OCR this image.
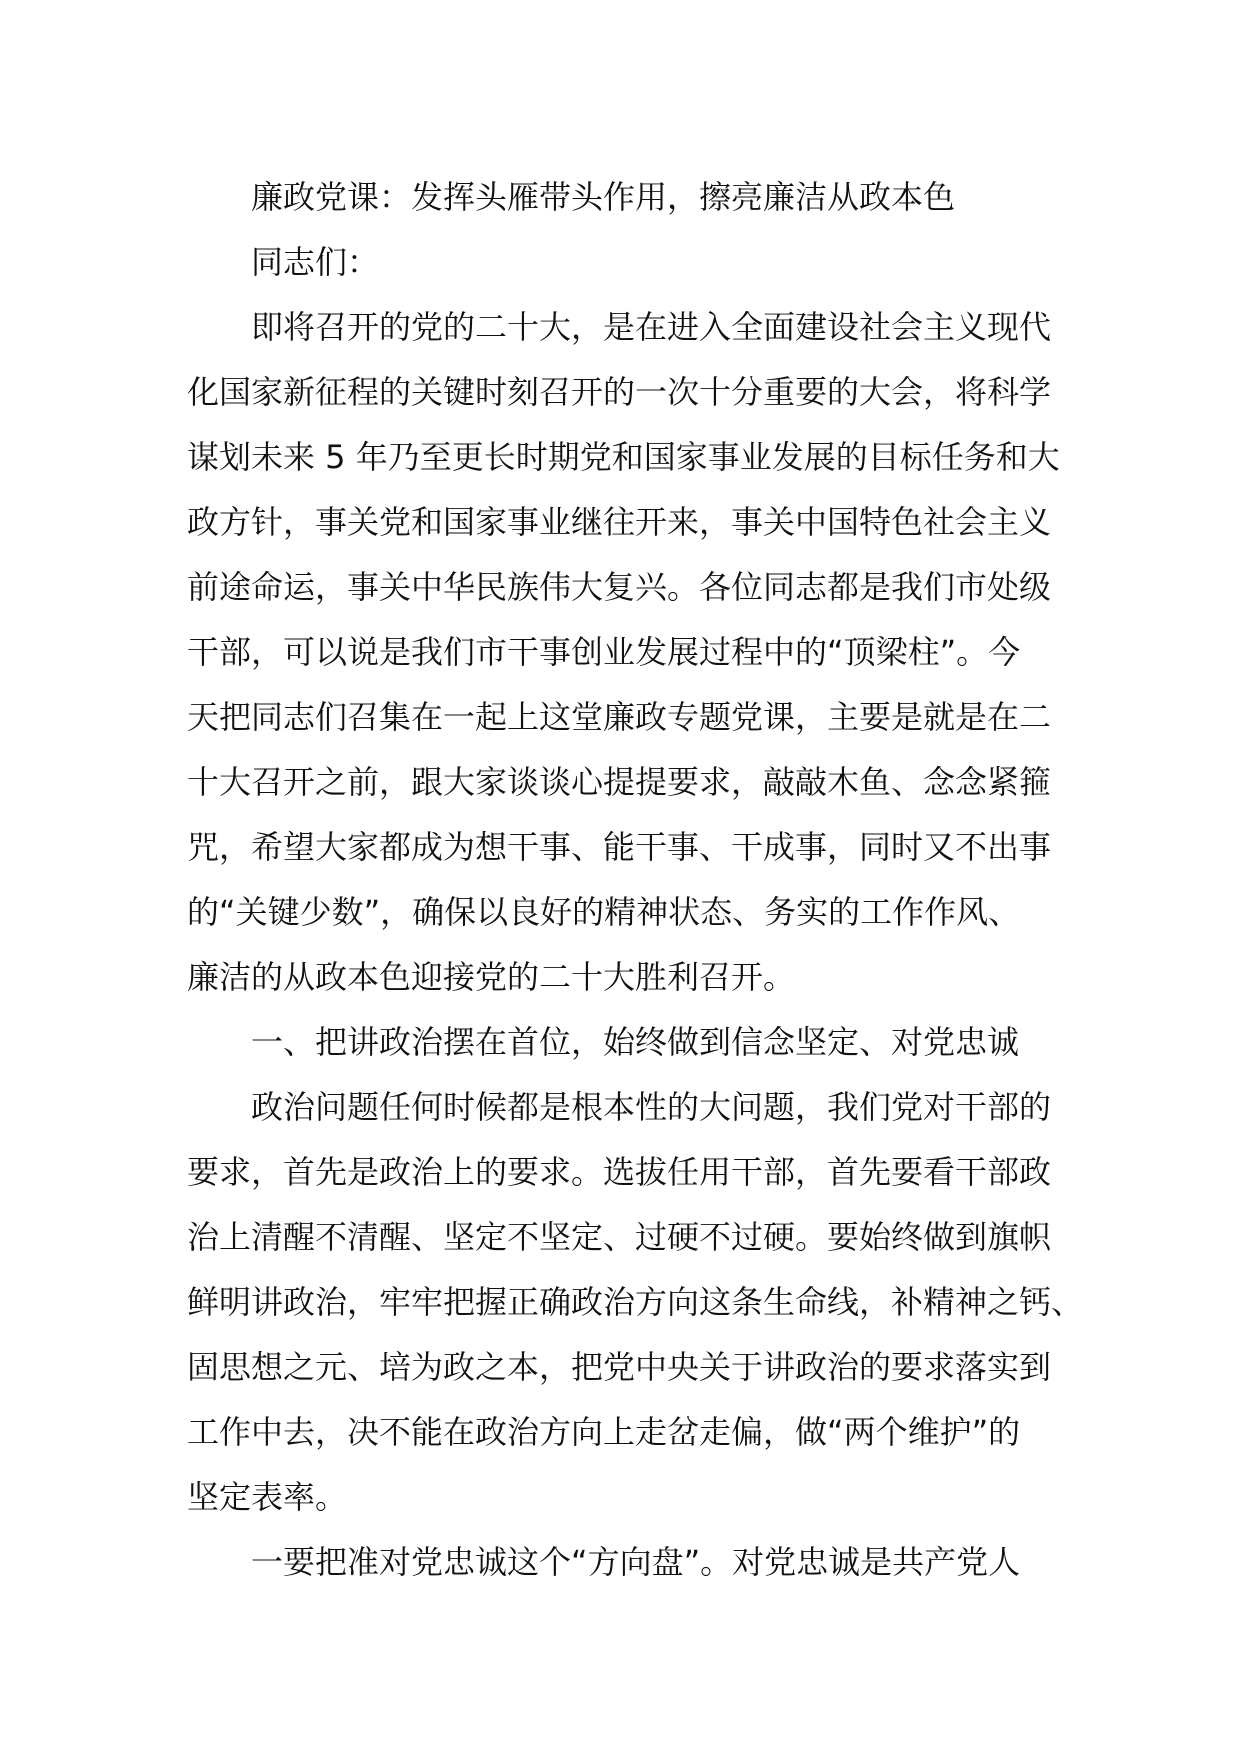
廉政党课：发挥头雁带头作用，擦亮廉洁从政本色
同志们：
即将召开的党的二十大，是在进入全面建设社会主义现代
化国家新征程的关键时刻召开的一次十分重要的大会，将科学
谋划未来 5 年乃至更长时期党和国家事业发展的目标任务和大
政方针，事关党和国家事业继往开来，事关中国特色社会主义
前途命运，事关中华民族伟大复兴。各位同志都是我们市处级
干部，可以说是我们市干事创业发展过程中的“顶梁柱”。今
天把同志们召集在一起上这堂廉政专题党课，主要是就是在二
十大召开之前，跟大家谈谈心提提要求，敲敲木鱼、念念紧箍
咒，希望大家都成为想干事、能干事、干成事，同时又不出事
的“关键少数”，确保以良好的精神状态、务实的工作作风、
廉洁的从政本色迎接党的二十大胜利召开。
一、把讲政治摆在首位，始终做到信念坚定、对党忠诚
政治问题任何时候都是根本性的大问题，我们党对干部的
要求，首先是政治上的要求。选拔任用干部，首先要看干部政
治上清醒不清醒、坚定不坚定、过硬不过硬。要始终做到旗帜
鲜明讲政治，牢牢把握正确政治方向这条生命线，补精神之钙、
固思想之元、培为政之本，把党中央关于讲政治的要求落实到
工作中去，决不能在政治方向上走岔走偏，做“两个维护”的
坚定表率。
一要把准对党忠诚这个“方向盘”。对党忠诚是共产党人
